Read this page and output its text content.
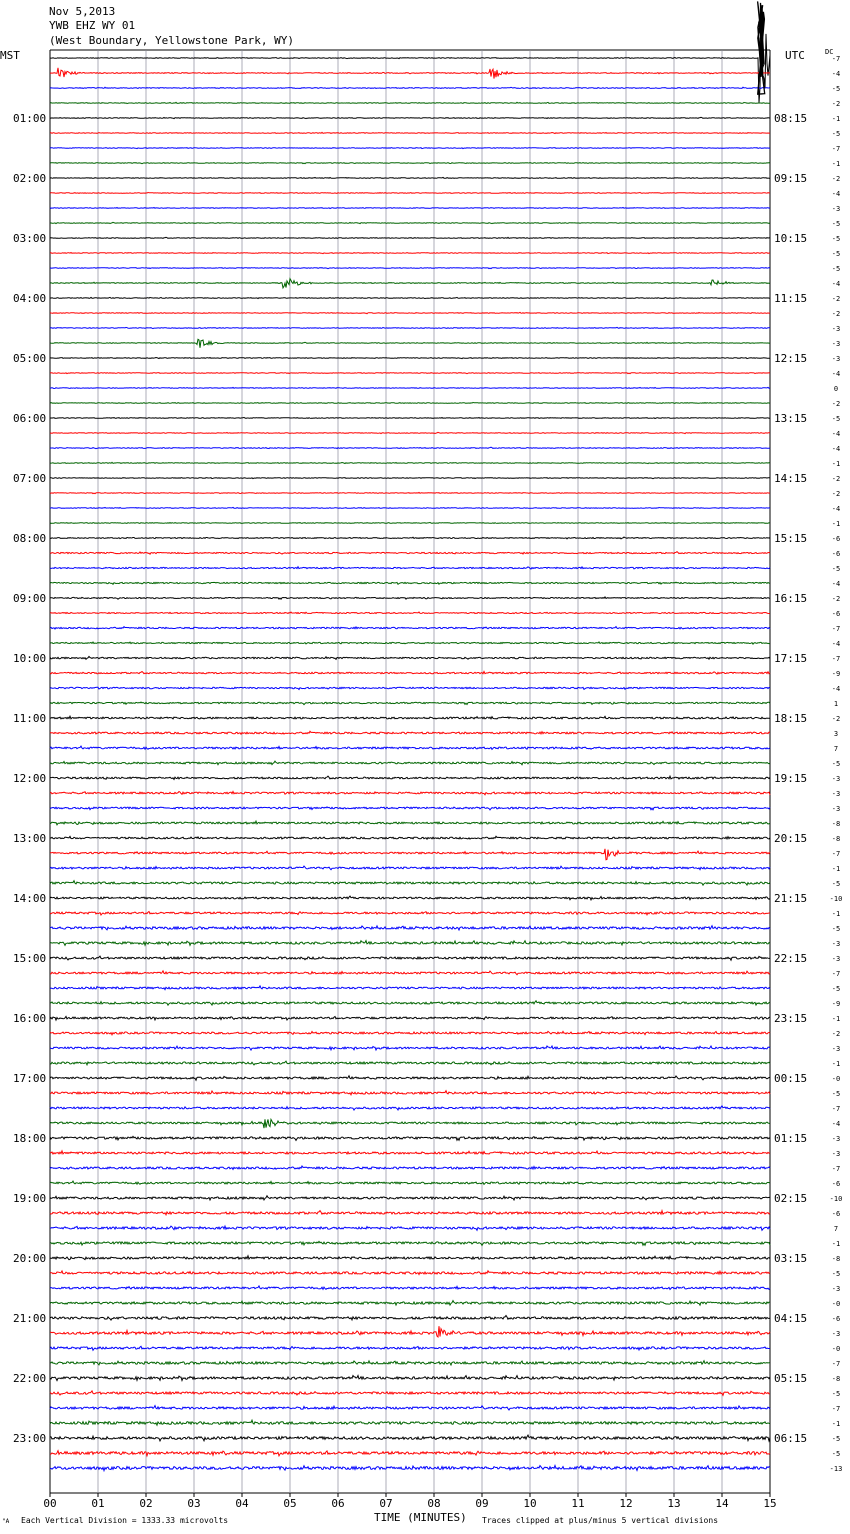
01:00
02:00
03:00
04:00
05:00
06:00
07:00
08:00
09:00
10:00
11:00
12:00
13:00
14:00
15:00
16:00
17:00
18:00
19:00
20:00
21:00
22:00
23:00
08:15
09:15
10:15
11:15
12:15
13:15
14:15
15:15
16:15
17:15
18:15
19:15
20:15
21:15
22:15
23:15
00:15
01:15
02:15
03:15
04:15
05:15
06:15
-7
-4
-5
-2
-1
-5
-7
-1
-2
-4
-3
-5
-5
-5
-5
-4
-2
-2
-3
-3
-3
-4
0
-2
-5
-4
-4
-1
-2
-2
-4
-1
-6
-6
-5
-4
-2
-6
-7
-4
-7
-9
-4
1
-2
3
7
-5
-3
-3
-3
-8
-8
-7
-1
-5
-10
-1
-5
-3
-3
-7
-5
-9
-1
-2
-3
-1
-0
-5
-7
-4
-3
-3
-7
-6
-10
-6
7
-1
-8
-5
-3
-0
-6
-3
-0
-7
-8
-5
-7
-1
-5
-5
-13
00	01	02	03	04	05	06	07	08	09	10	11	12	13	14	15
Nov 5,2013
YWB EHZ WY 01
(West Boundary, Yellowstone Park, WY)
MST	UTC	DC
TIME (MINUTES)
Each Vertical Division = 1333.33 microvolts	Traces clipped at plus/minus 5 vertical divisions
"A
